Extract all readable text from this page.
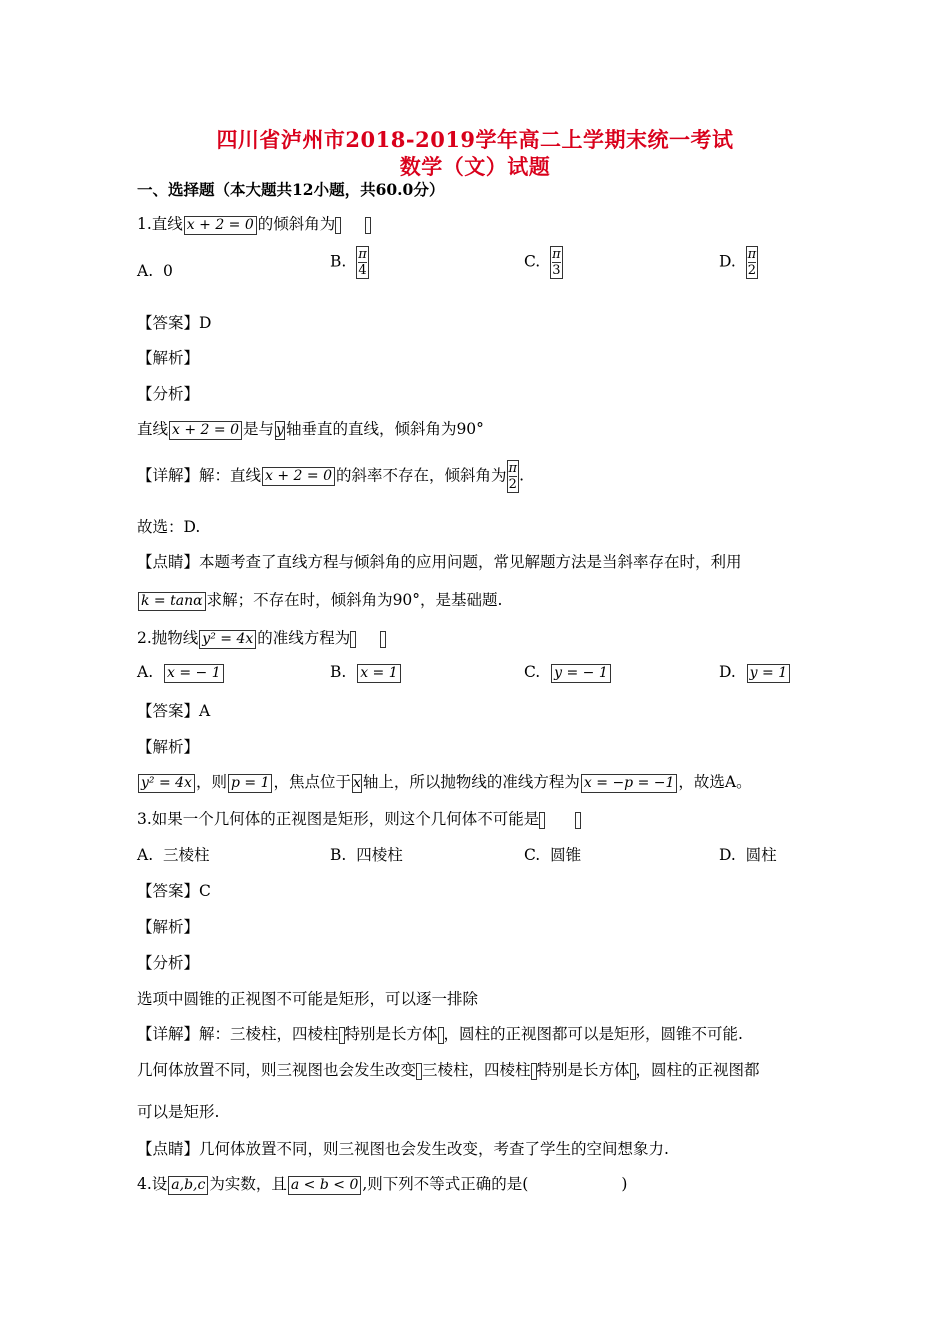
四川省泸州市2018-2019学年高二上学期末统一考试
数学（文）试题
一、选择题（本大题共12小题，共60.0分）
1.直线 x + 2 = 0 的倾斜角为
A. 0
B. $\frac{\pi}{4}$	C. $\frac{\pi}{3}$	D. $\frac{\pi}{2}$
【答案】D
【解析】
【分析】
直线 x + 2 = 0 是与 y 轴垂直的直线，倾斜角为90°
【详解】解：直线 x + 2 = 0 的斜率不存在，倾斜角为 $\frac{\pi}{2}$ .
故选：D.
【点睛】本题考查了直线方程与倾斜角的应用问题，常见解题方法是当斜率存在时，利用
k = tanα 求解；不存在时，倾斜角为90°，是基础题.
2.抛物线 y² = 4x 的准线方程为
A. x = − 1	B. x = 1	C. y = − 1	D. y = 1
【答案】A
【解析】
y² = 4x ，则 p = 1 ，焦点位于 x 轴上，所以抛物线的准线方程为 x = −p = −1 ，故选A。
3.如果一个几何体的正视图是矩形，则这个几何体不可能是
A. 三棱柱	B. 四棱柱	C. 圆锥	D. 圆柱
【答案】C
【解析】
【分析】
选项中圆锥的正视图不可能是矩形，可以逐一排除
【详解】解：三棱柱，四棱柱 特别是长方体 ，圆柱的正视图都可以是矩形，圆锥不可能.
几何体放置不同，则三视图也会发生改变 三棱柱，四棱柱 特别是长方体 ，圆柱的正视图都
可以是矩形.
【点睛】几何体放置不同，则三视图也会发生改变，考查了学生的空间想象力.
4.设 a,b,c 为实数，且 a < b < 0 ,则下列不等式正确的是(　　　　　　)
